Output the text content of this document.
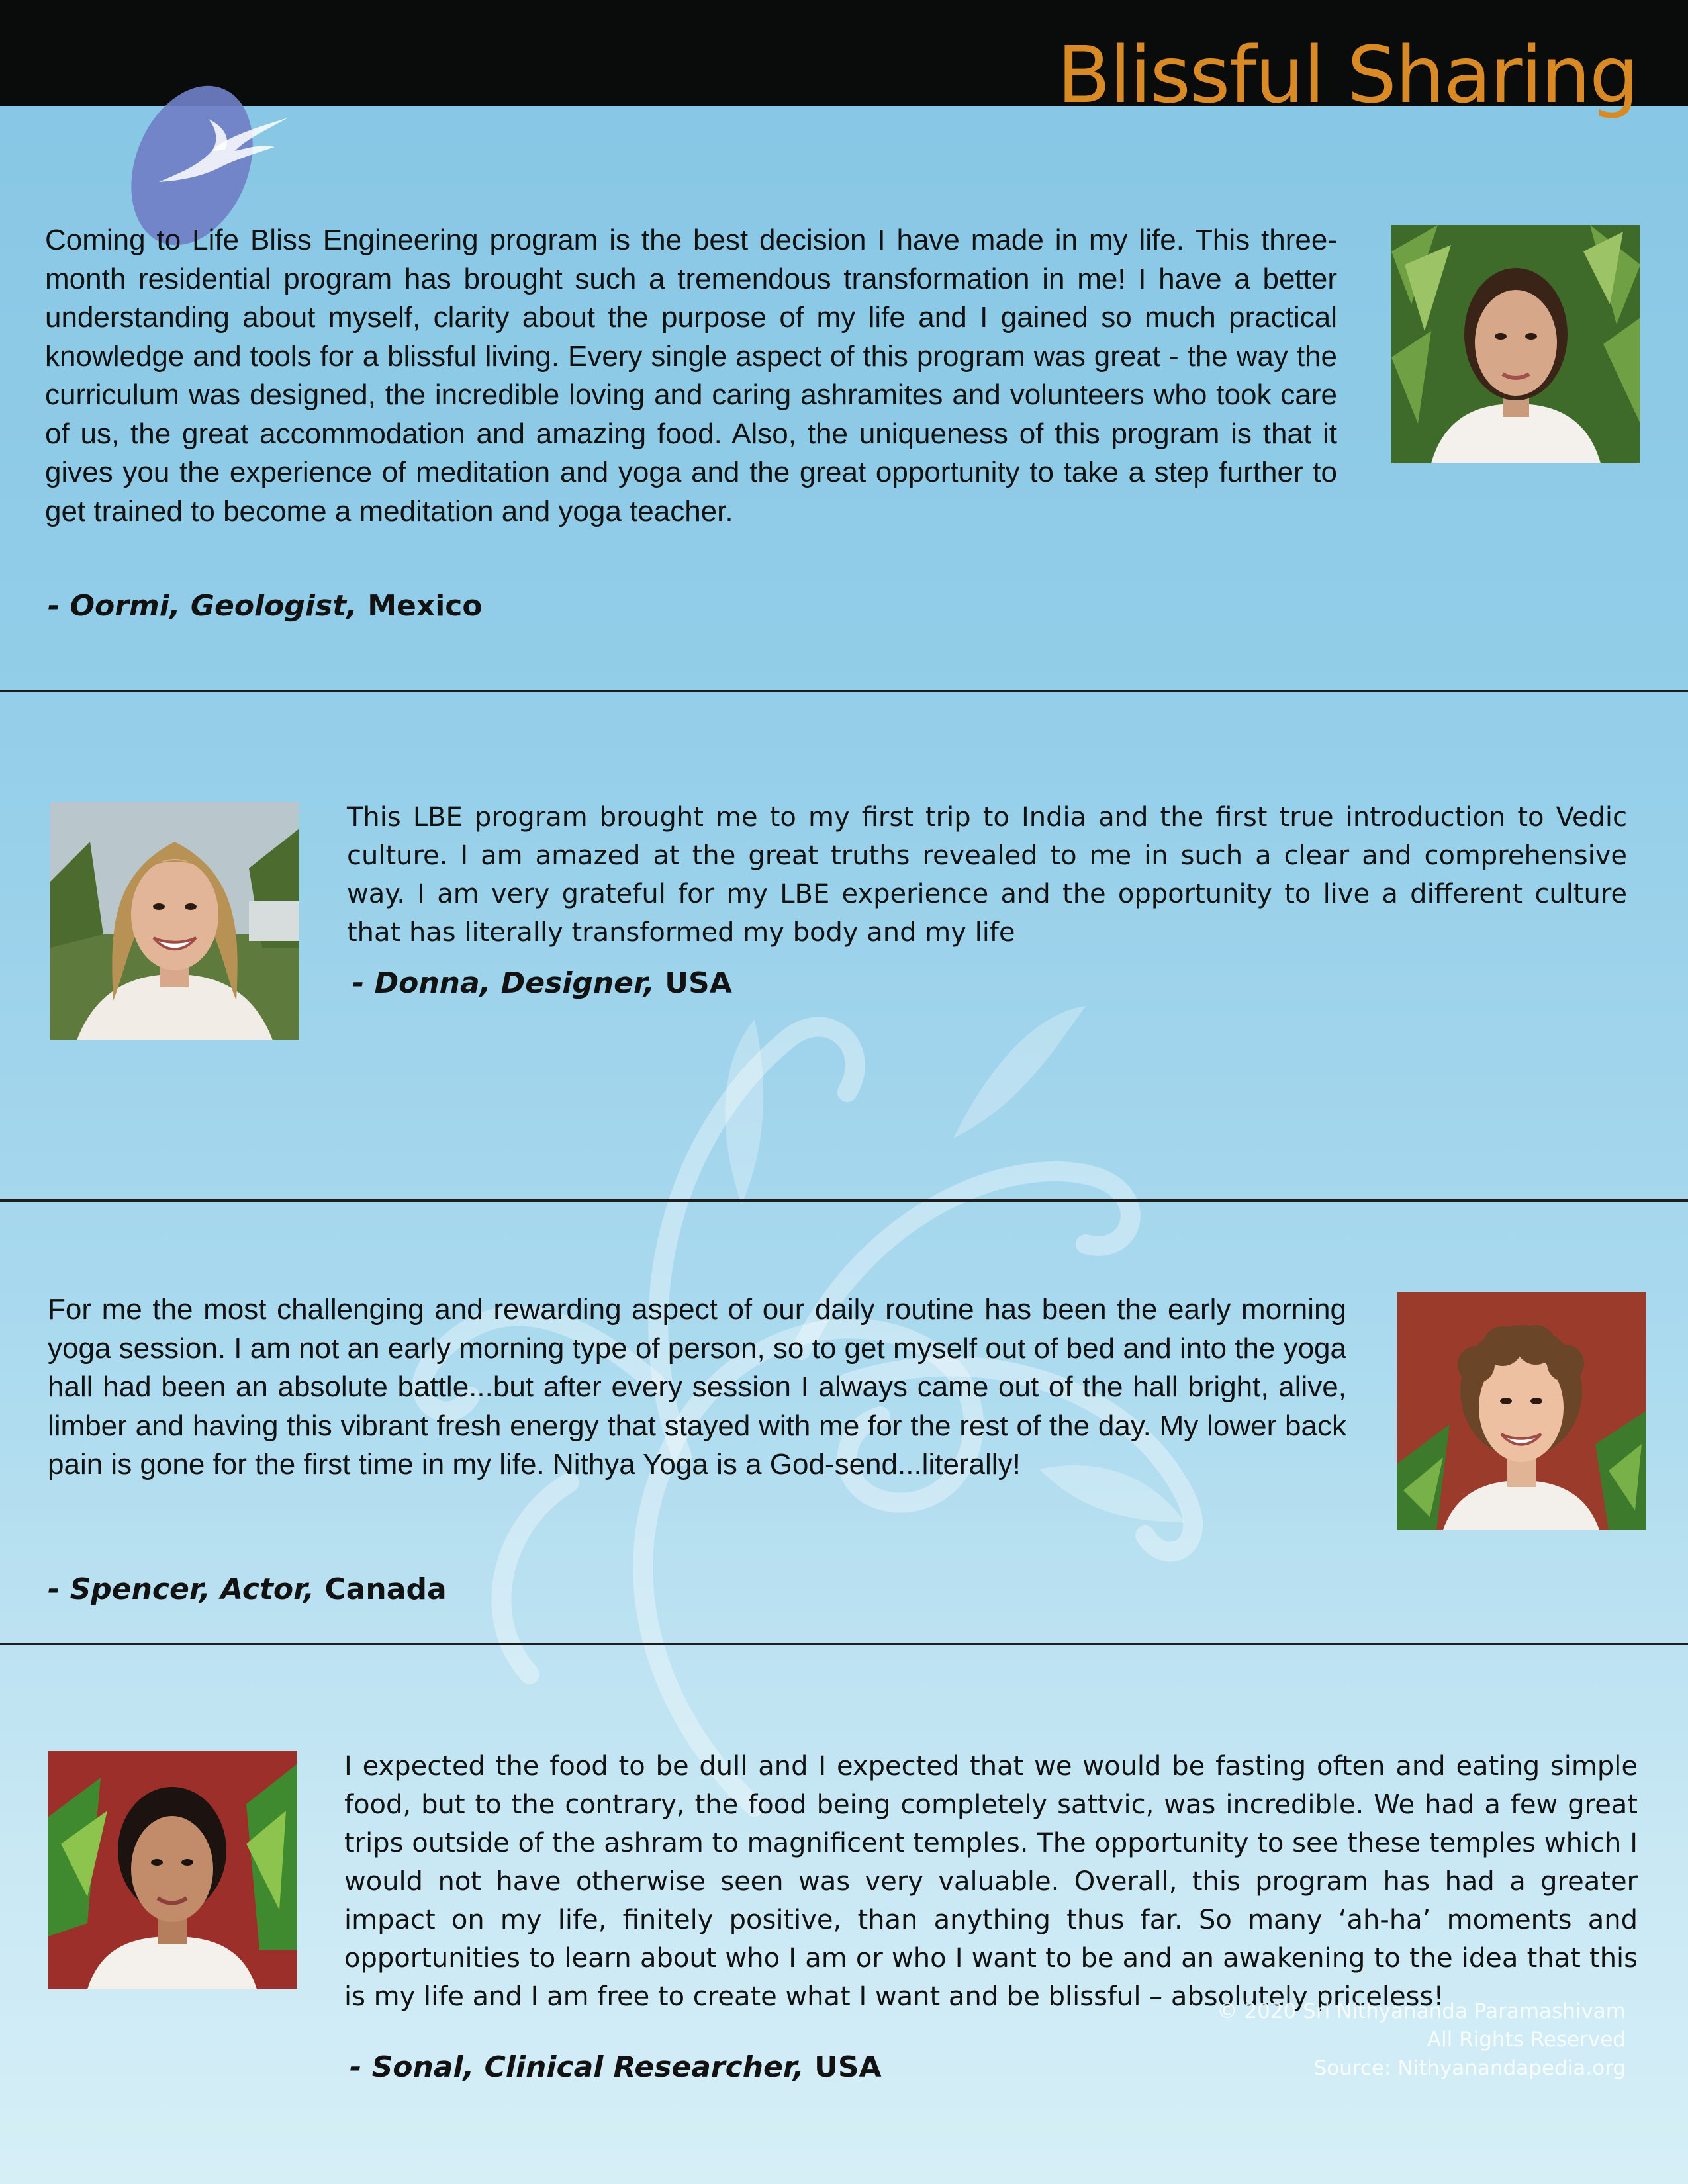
Blissful Sharing

Coming to Life Bliss Engineering program is the best decision I have made in my life. This three-month residential program has brought such a tremendous transformation in me! I have a better understanding about myself, clarity about the purpose of my life and I gained so much practical knowledge and tools for a blissful living. Every single aspect of this program was great - the way the curriculum was designed, the incredible loving and caring ashramites and volunteers who took care of us, the great accommodation and amazing food. Also, the uniqueness of this program is that it gives you the experience of meditation and yoga and the great opportunity to take a step further to get trained to become a meditation and yoga teacher.

- Oormi, Geologist, Mexico

This LBE program brought me to my first trip to India and the first true introduction to Vedic culture. I am amazed at the great truths revealed to me in such a clear and comprehensive way. I am very grateful for my LBE experience and the opportunity to live a different culture that has literally transformed my body and my life

- Donna, Designer, USA

For me the most challenging and rewarding aspect of our daily routine has been the early morning yoga session. I am not an early morning type of person, so to get myself out of bed and into the yoga hall had been an absolute battle...but after every session I always came out of the hall bright, alive, limber and having this vibrant fresh energy that stayed with me for the rest of the day. My lower back pain is gone for the first time in my life. Nithya Yoga is a God-send...literally!

- Spencer, Actor, Canada

I expected the food to be dull and I expected that we would be fasting often and eating simple food, but to the contrary, the food being completely sattvic, was incredible. We had a few great trips outside of the ashram to magnificent temples. The opportunity to see these temples which I would not have otherwise seen was very valuable. Overall, this program has had a greater impact on my life, finitely positive, than anything thus far. So many ‘ah-ha’ moments and opportunities to learn about who I am or who I want to be and an awakening to the idea that this is my life and I am free to create what I want and be blissful – absolutely priceless!

- Sonal, Clinical Researcher, USA

© 2020 Sri Nithyananda Paramashivam
All Rights Reserved
Source: Nithyanandapedia.org
